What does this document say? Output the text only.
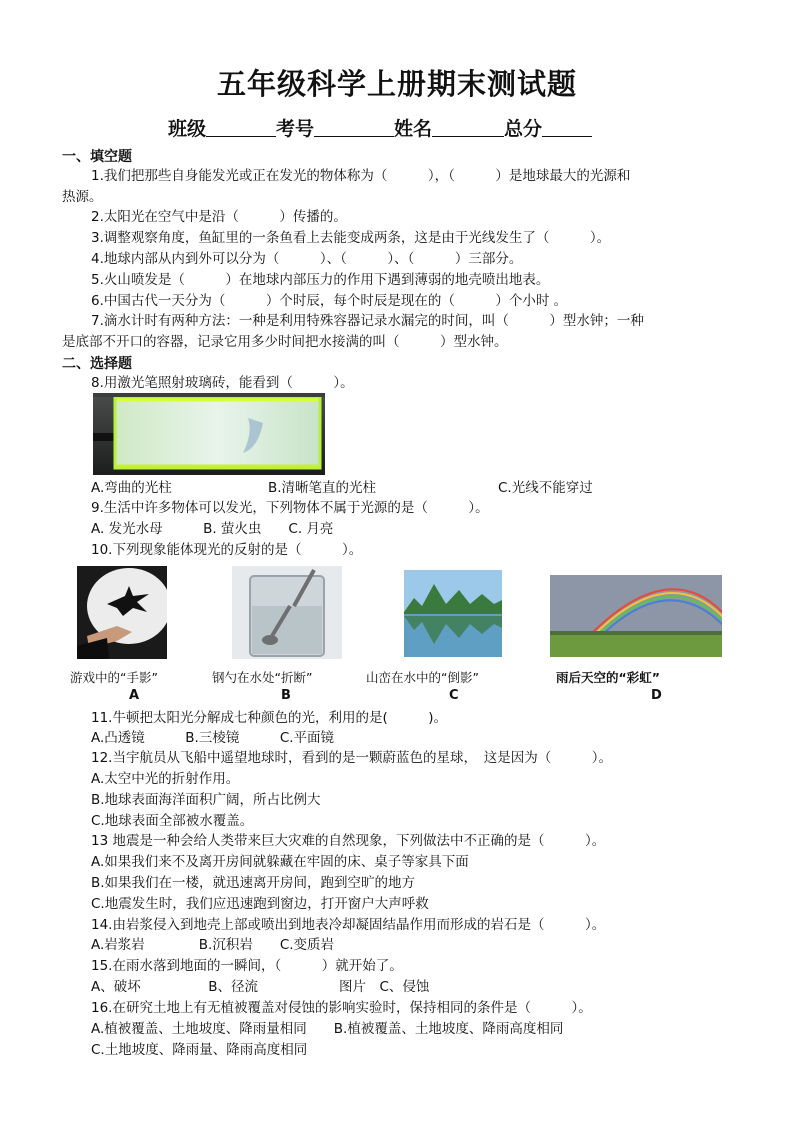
五年级科学上册期末测试题
班级	考号	姓名	总分
一、填空题
1.我们把那些自身能发光或正在发光的物体称为（　　　），（　　　）是地球最大的光源和
热源。
2.太阳光在空气中是沿（　　　）传播的。
3.调整观察角度，鱼缸里的一条鱼看上去能变成两条，这是由于光线发生了（　　　）。
4.地球内部从内到外可以分为（　　　）、（　　　）、（　　　）三部分。
5.火山喷发是（　　　）在地球内部压力的作用下遇到薄弱的地壳喷出地表。
6.中国古代一天分为（　　　）个时辰，每个时辰是现在的（　　　）个小时 。
7.滴水计时有两种方法：一种是利用特殊容器记录水漏完的时间，叫（　　　）型水钟；一种
是底部不开口的容器，记录它用多少时间把水接满的叫（　　　）型水钟。
二、选择题
8.用激光笔照射玻璃砖，能看到（　　　）。
A.弯曲的光柱	B.清晰笔直的光柱	C.光线不能穿过
9.生活中许多物体可以发光，下列物体不属于光源的是（　　　）。
A. 发光水母　　　B. 萤火虫　　C. 月亮
10.下列现象能体现光的反射的是（　　　）。
游戏中的“手影”	钢勺在水处“折断”	山峦在水中的“倒影”	雨后天空的“彩虹”
A	B	C	D
11.牛顿把太阳光分解成七种颜色的光，利用的是(　　　)。
A.凸透镜　　　B.三棱镜　　　C.平面镜
12.当宇航员从飞船中遥望地球时，看到的是一颗蔚蓝色的星球，　这是因为（　　　）。
A.太空中光的折射作用。
B.地球表面海洋面积广阔，所占比例大
C.地球表面全部被水覆盖。
13 地震是一种会给人类带来巨大灾难的自然现象，下列做法中不正确的是（　　　）。
A.如果我们来不及离开房间就躲藏在牢固的床、桌子等家具下面
B.如果我们在一楼，就迅速离开房间，跑到空旷的地方
C.地震发生时，我们应迅速跑到窗边，打开窗户大声呼救
14.由岩浆侵入到地壳上部或喷出到地表冷却凝固结晶作用而形成的岩石是（　　　）。
A.岩浆岩　　　　B.沉积岩　　C.变质岩
15.在雨水落到地面的一瞬间，（　　　）就开始了。
A、破坏　　　　　B、径流　　　　　　图片　C、侵蚀
16.在研究土地上有无植被覆盖对侵蚀的影响实验时，保持相同的条件是（　　　）。
A.植被覆盖、土地坡度、降雨量相同　　B.植被覆盖、土地坡度、降雨高度相同
C.土地坡度、降雨量、降雨高度相同
